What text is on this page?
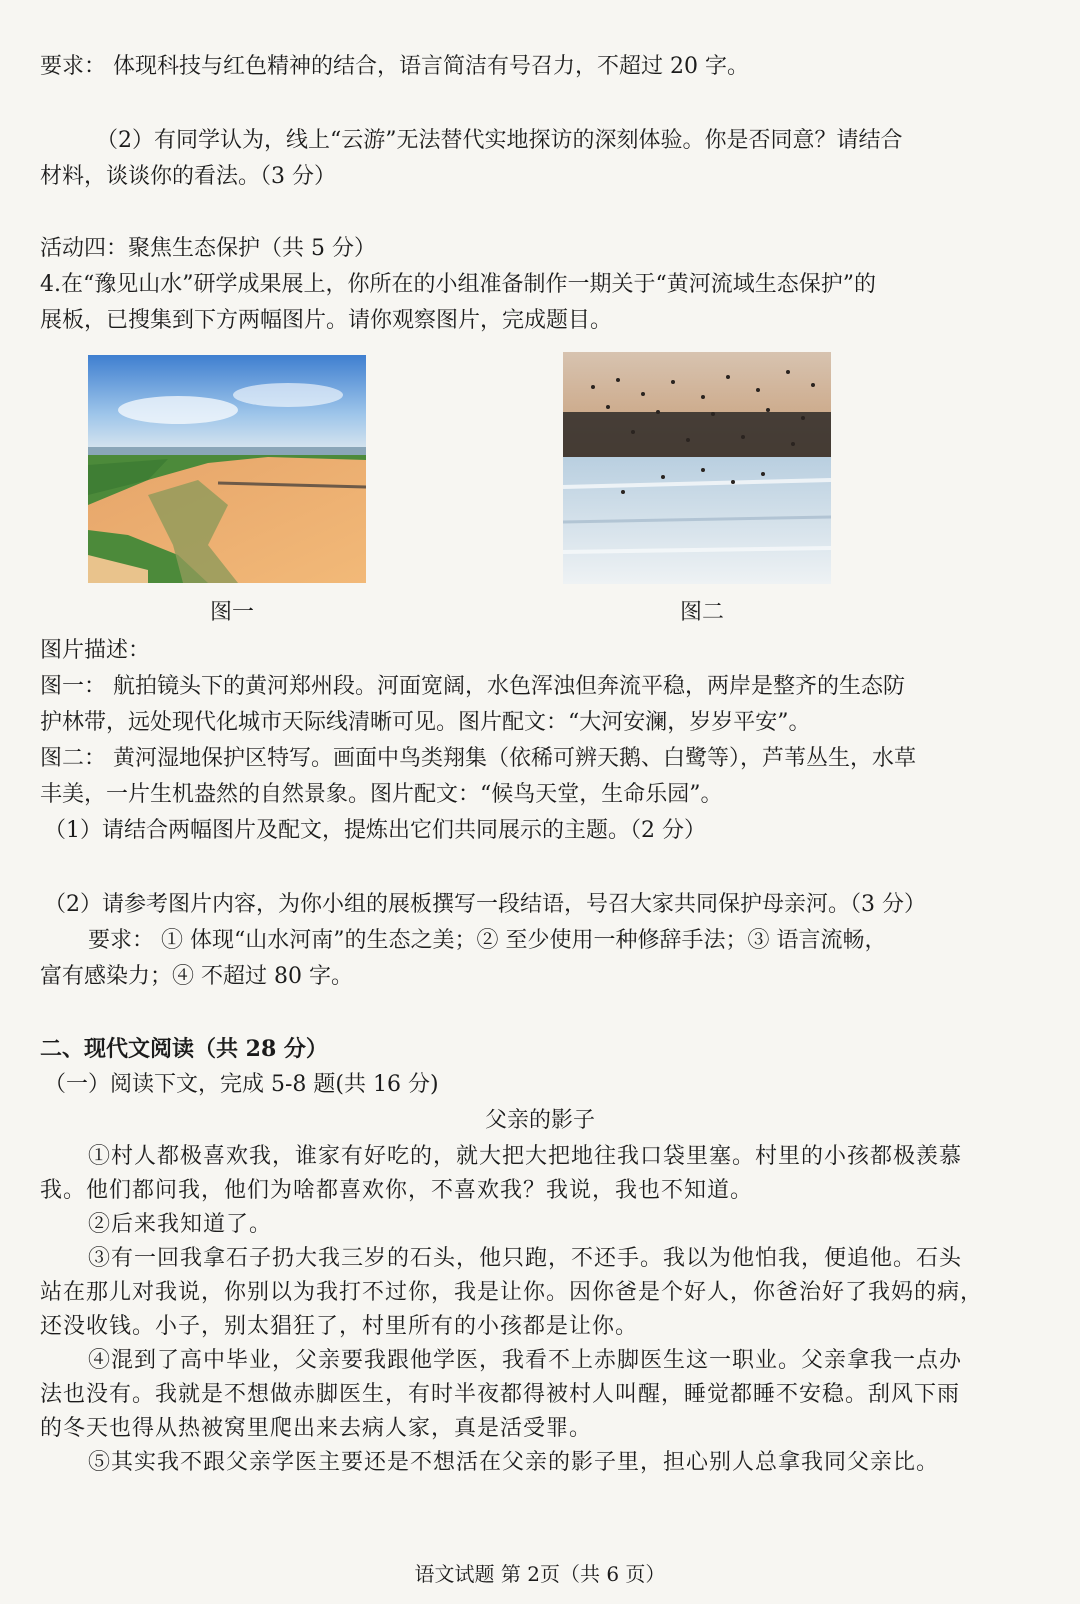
要求： 体现科技与红色精神的结合，语言简洁有号召力，不超过 20 字。
（2）有同学认为，线上“云游”无法替代实地探访的深刻体验。你是否同意？请结合
材料，谈谈你的看法。（3 分）
活动四：聚焦生态保护（共 5 分）
4.在“豫见山水”研学成果展上，你所在的小组准备制作一期关于“黄河流域生态保护”的
展板，已搜集到下方两幅图片。请你观察图片，完成题目。
图一	图二
图片描述：
图一： 航拍镜头下的黄河郑州段。河面宽阔，水色浑浊但奔流平稳，两岸是整齐的生态防
护林带，远处现代化城市天际线清晰可见。图片配文：“大河安澜，岁岁平安”。
图二： 黄河湿地保护区特写。画面中鸟类翔集（依稀可辨天鹅、白鹭等），芦苇丛生，水草
丰美，一片生机盎然的自然景象。图片配文：“候鸟天堂，生命乐园”。
（1）请结合两幅图片及配文，提炼出它们共同展示的主题。（2 分）
（2）请参考图片内容，为你小组的展板撰写一段结语，号召大家共同保护母亲河。（3 分）
要求： ① 体现“山水河南”的生态之美；② 至少使用一种修辞手法；③ 语言流畅，
富有感染力；④ 不超过 80 字。
二、现代文阅读（共 28 分）
（一）阅读下文，完成 5-8 题(共 16 分)
父亲的影子
①村人都极喜欢我，谁家有好吃的，就大把大把地往我口袋里塞。村里的小孩都极羡慕
我。他们都问我，他们为啥都喜欢你，不喜欢我？我说，我也不知道。
②后来我知道了。
③有一回我拿石子扔大我三岁的石头，他只跑，不还手。我以为他怕我，便追他。石头
站在那儿对我说，你别以为我打不过你，我是让你。因你爸是个好人，你爸治好了我妈的病，
还没收钱。小子，别太猖狂了，村里所有的小孩都是让你。
④混到了高中毕业，父亲要我跟他学医，我看不上赤脚医生这一职业。父亲拿我一点办
法也没有。我就是不想做赤脚医生，有时半夜都得被村人叫醒，睡觉都睡不安稳。刮风下雨
的冬天也得从热被窝里爬出来去病人家，真是活受罪。
⑤其实我不跟父亲学医主要还是不想活在父亲的影子里，担心别人总拿我同父亲比。
语文试题 第 2页（共 6 页）
